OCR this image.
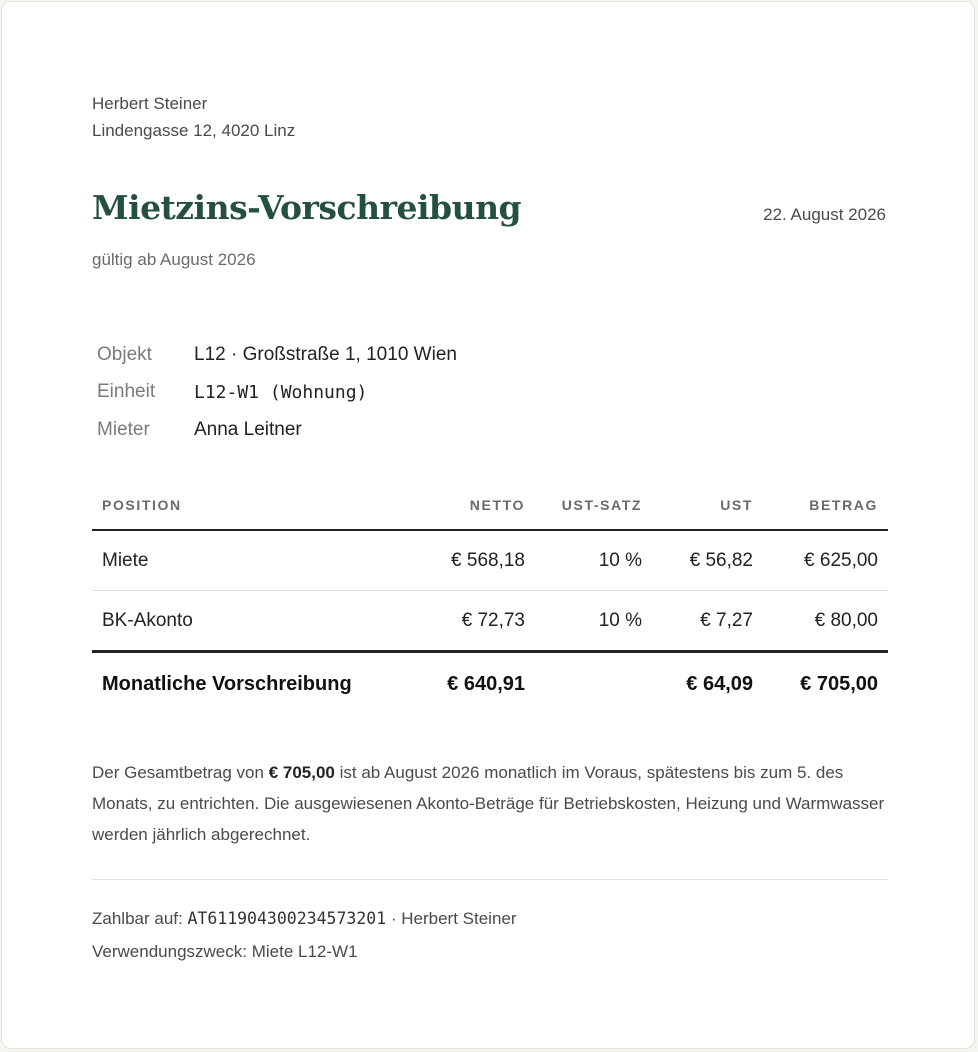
Herbert Steiner
Lindengasse 12, 4020 Linz
Mietzins-Vorschreibung	22. August 2026
gültig ab August 2026
Objekt	L12 · Großstraße 1, 1010 Wien
Einheit	L12-W1 (Wohnung)
Mieter	Anna Leitner
POSITION	NETTO	UST-SATZ	UST	BETRAG
Miete	€ 568,18	10 %	€ 56,82	€ 625,00
BK-Akonto	€ 72,73	10 %	€ 7,27	€ 80,00
Monatliche Vorschreibung	€ 640,91		€ 64,09	€ 705,00
Der Gesamtbetrag von € 705,00 ist ab August 2026 monatlich im Voraus, spätestens bis zum 5. des Monats, zu entrichten. Die ausgewiesenen Akonto-Beträge für Betriebskosten, Heizung und Warmwasser werden jährlich abgerechnet.
Zahlbar auf: AT611904300234573201 · Herbert Steiner
Verwendungszweck: Miete L12-W1
